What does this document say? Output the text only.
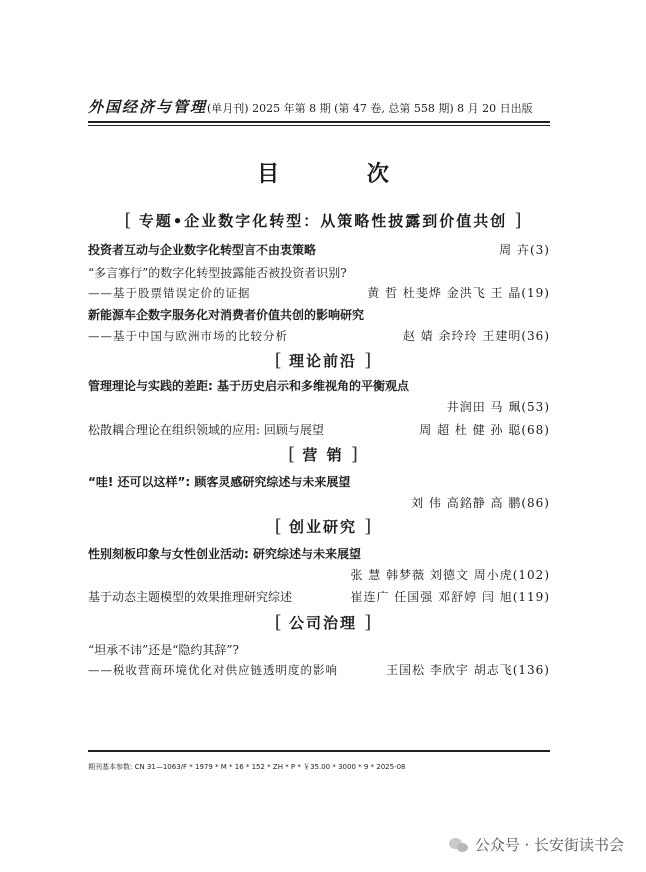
外国经济与管理(单月刊) 2025 年第 8 期 (第 47 卷, 总第 558 期) 8 月 20 日出版
目 次
[ 专题•企业数字化转型：从策略性披露到价值共创 ]
投资者互动与企业数字化转型言不由衷策略	周 卉(3)
“多言寡行”的数字化转型披露能否被投资者识别?
——基于股票错误定价的证据	黄 哲 杜斐烨 金洪飞 王 晶(19)
新能源车企数字服务化对消费者价值共创的影响研究
——基于中国与欧洲市场的比较分析	赵 婧 余玲玲 王建明(36)
[ 理论前沿 ]
管理理论与实践的差距: 基于历史启示和多维视角的平衡观点
井润田 马 珮(53)
松散耦合理论在组织领域的应用: 回顾与展望	周 超 杜 健 孙 聪(68)
[ 营 销 ]
“哇! 还可以这样”: 顾客灵感研究综述与未来展望
刘 伟 高銘静 高 鹏(86)
[ 创业研究 ]
性别刻板印象与女性创业活动: 研究综述与未来展望
张 慧 韩梦薇 刘德文 周小虎(102)
基于动态主题模型的效果推理研究综述	崔连广 任国强 邓舒婷 闫 旭(119)
[ 公司治理 ]
“坦承不讳”还是“隐约其辞”?
——税收营商环境优化对供应链透明度的影响	王国松 李欣宇 胡志飞(136)
期刊基本参数: CN 31—1063/F * 1979 * M * 16 * 152 * ZH * P * ￥35.00 * 3000 * 9 * 2025-08
公众号 · 长安街读书会
